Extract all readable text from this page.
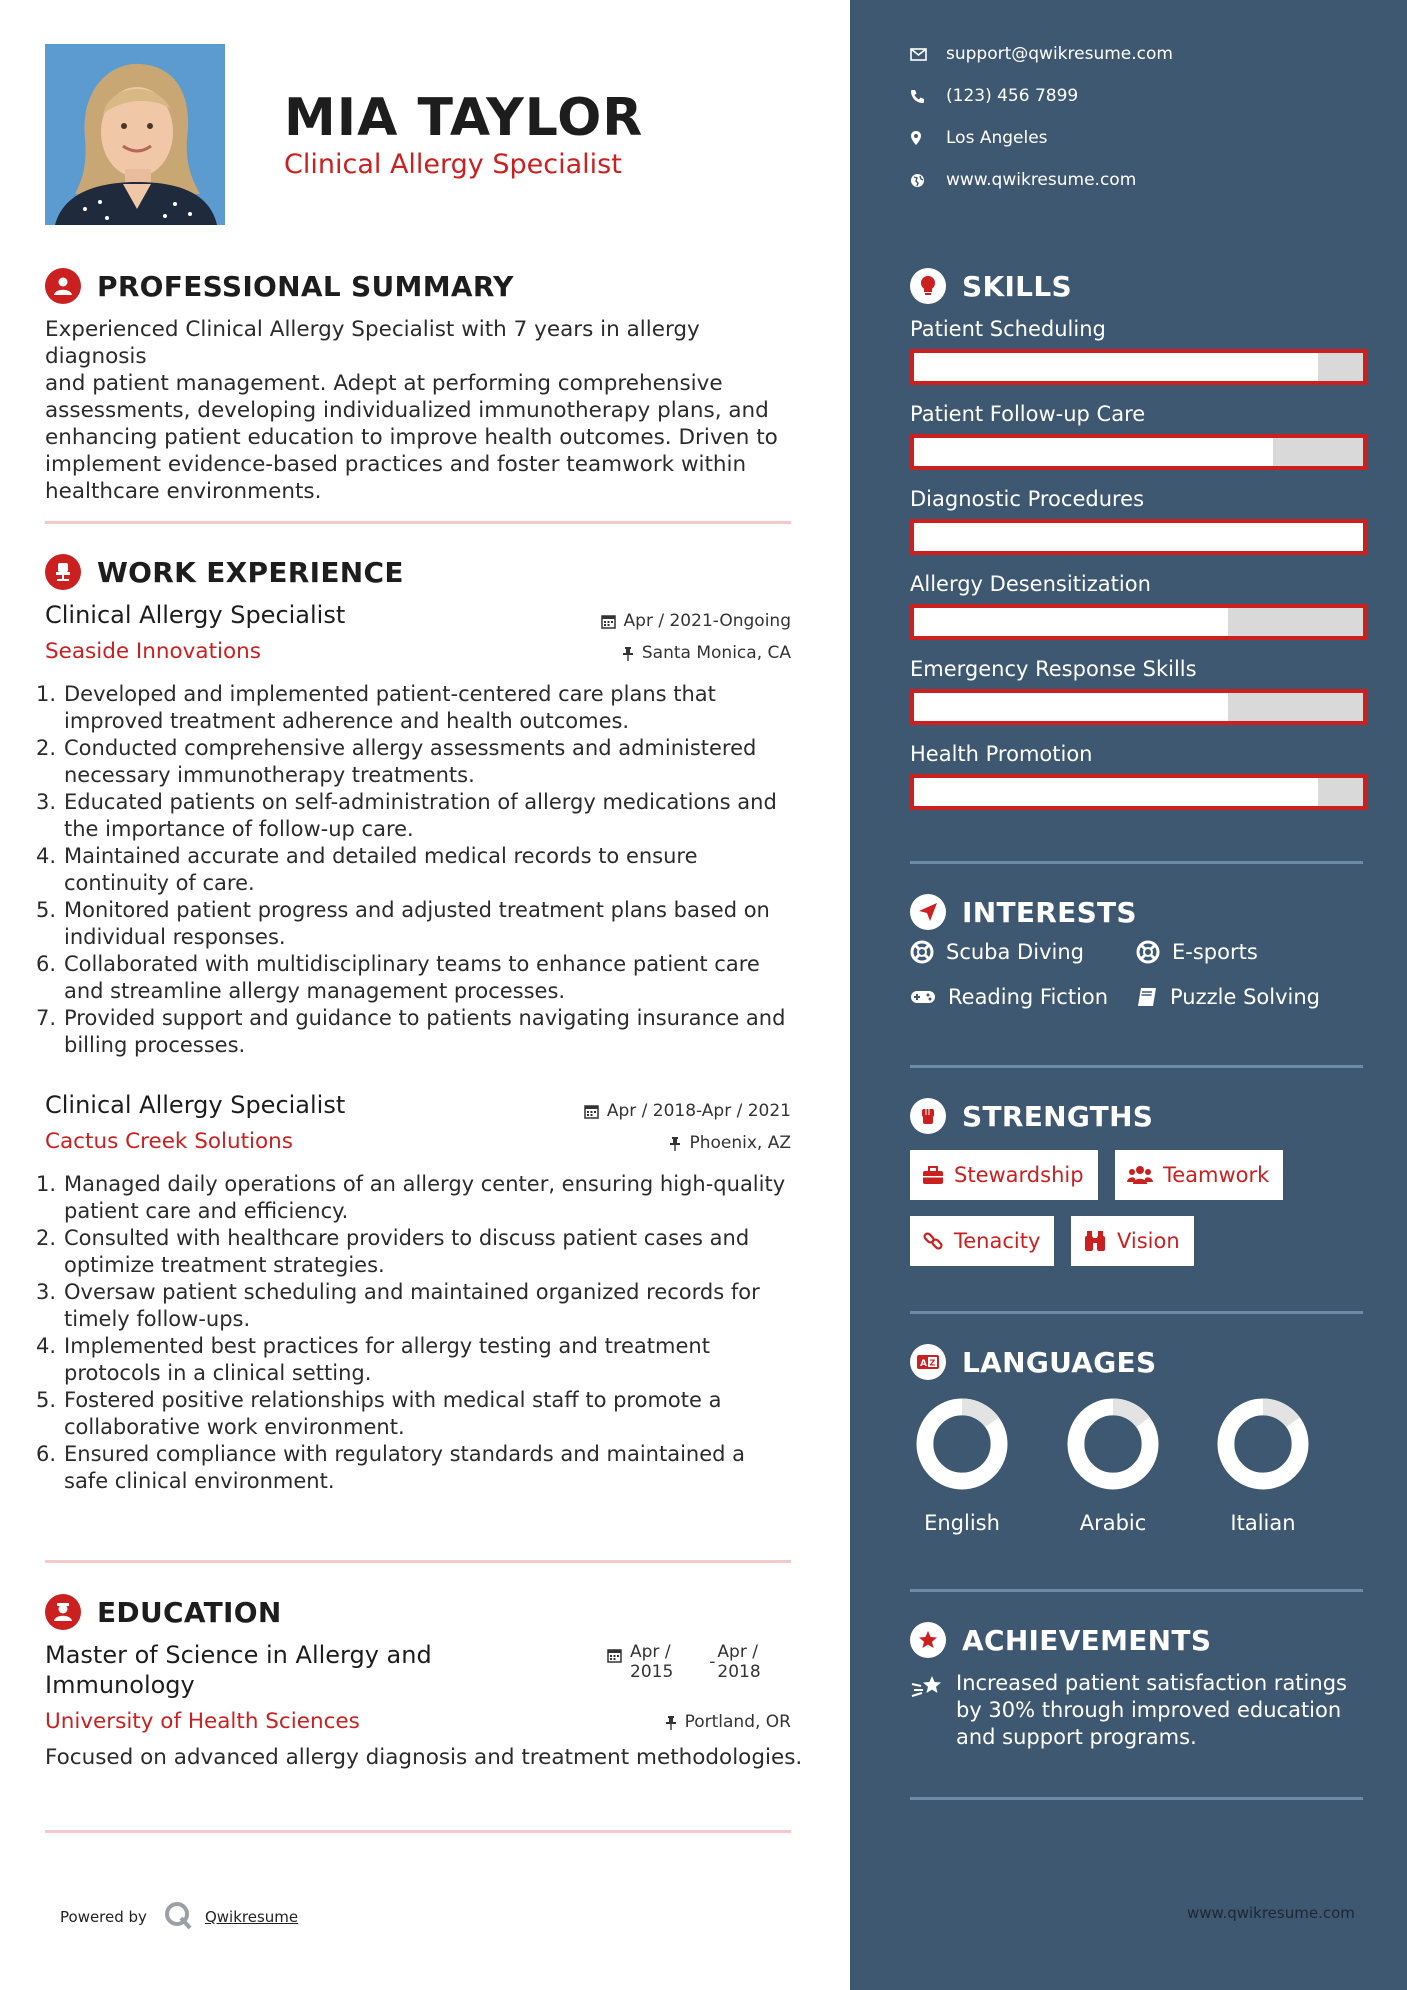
MIA TAYLOR
Clinical Allergy Specialist
PROFESSIONAL SUMMARY
Experienced Clinical Allergy Specialist with 7 years in allergy diagnosis
and patient management. Adept at performing comprehensive
assessments, developing individualized immunotherapy plans, and
enhancing patient education to improve health outcomes. Driven to
implement evidence-based practices and foster teamwork within
healthcare environments.
WORK EXPERIENCE
Clinical Allergy Specialist	Apr / 2021-Ongoing
Seaside Innovations	Santa Monica, CA
1. Developed and implemented patient-centered care plans that
improved treatment adherence and health outcomes.
2. Conducted comprehensive allergy assessments and administered
necessary immunotherapy treatments.
3. Educated patients on self-administration of allergy medications and
the importance of follow-up care.
4. Maintained accurate and detailed medical records to ensure
continuity of care.
5. Monitored patient progress and adjusted treatment plans based on
individual responses.
6. Collaborated with multidisciplinary teams to enhance patient care
and streamline allergy management processes.
7. Provided support and guidance to patients navigating insurance and
billing processes.
Clinical Allergy Specialist	Apr / 2018-Apr / 2021
Cactus Creek Solutions	Phoenix, AZ
1. Managed daily operations of an allergy center, ensuring high-quality
patient care and efficiency.
2. Consulted with healthcare providers to discuss patient cases and
optimize treatment strategies.
3. Oversaw patient scheduling and maintained organized records for
timely follow-ups.
4. Implemented best practices for allergy testing and treatment
protocols in a clinical setting.
5. Fostered positive relationships with medical staff to promote a
collaborative work environment.
6. Ensured compliance with regulatory standards and maintained a
safe clinical environment.
EDUCATION
Master of Science in Allergy and
Immunology
Apr /
2015 - Apr /
2018
University of Health Sciences	Portland, OR
Focused on advanced allergy diagnosis and treatment methodologies.
Powered by	Qwikresume
support@qwikresume.com
(123) 456 7899
Los Angeles
www.qwikresume.com
SKILLS
Patient Scheduling
Patient Follow-up Care
Diagnostic Procedures
Allergy Desensitization
Emergency Response Skills
Health Promotion
INTERESTS
Scuba Diving	E-sports
Reading Fiction	Puzzle Solving
STRENGTHS
Stewardship	Teamwork
Tenacity	Vision
A Z LANGUAGES
English	Arabic	Italian
ACHIEVEMENTS
Increased patient satisfaction ratings
by 30% through improved education
and support programs.
www.qwikresume.com
